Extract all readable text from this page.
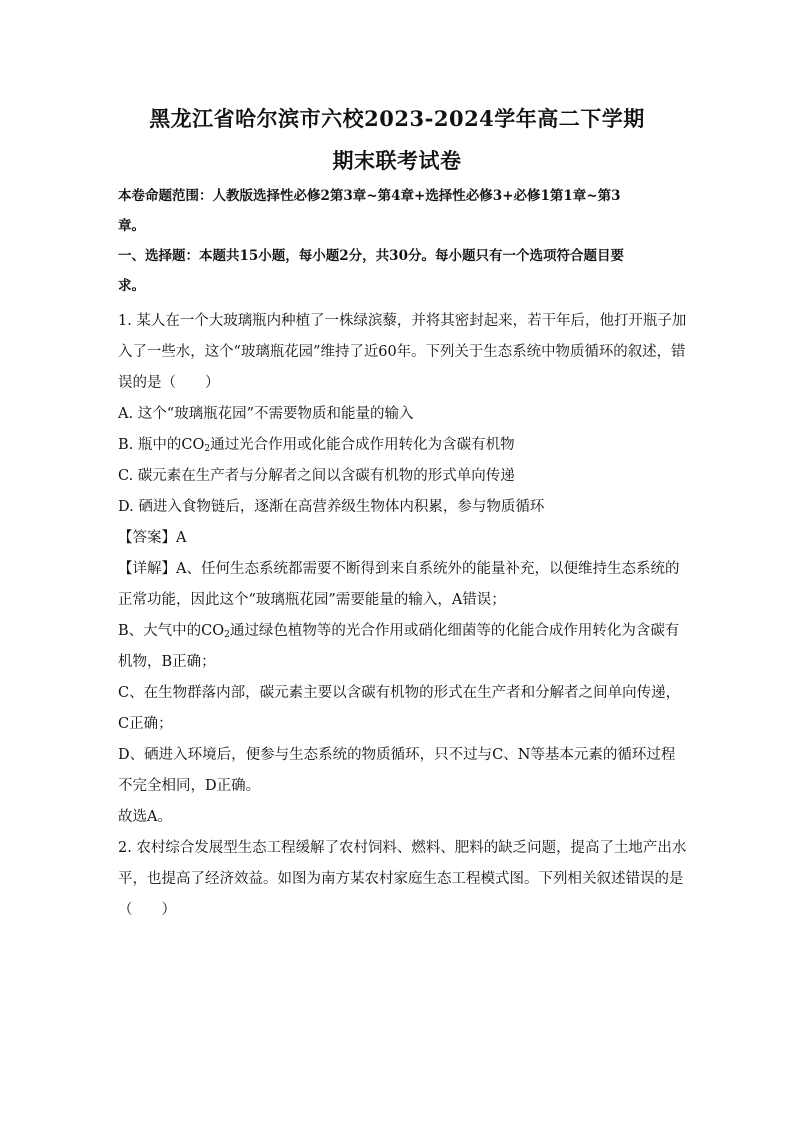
黑龙江省哈尔滨市六校2023-2024学年高二下学期
期末联考试卷
本卷命题范围：人教版选择性必修2第3章~第4章+选择性必修3+必修1第1章~第3
章。
一、选择题：本题共15小题，每小题2分，共30分。每小题只有一个选项符合题目要
求。
1. 某人在一个大玻璃瓶内种植了一株绿滨藜，并将其密封起来，若干年后，他打开瓶子加
入了一些水，这个“玻璃瓶花园”维持了近60年。下列关于生态系统中物质循环的叙述，错
误的是（　　）
A. 这个“玻璃瓶花园”不需要物质和能量的输入
B. 瓶中的$CO_2$通过光合作用或化能合成作用转化为含碳有机物
C. 碳元素在生产者与分解者之间以含碳有机物的形式单向传递
D. 硒进入食物链后，逐渐在高营养级生物体内积累，参与物质循环
【答案】A
【详解】A、任何生态系统都需要不断得到来自系统外的能量补充，以便维持生态系统的
正常功能，因此这个“玻璃瓶花园”需要能量的输入，A错误；
B、大气中的$CO_2$通过绿色植物等的光合作用或硝化细菌等的化能合成作用转化为含碳有
机物，B正确；
C、在生物群落内部，碳元素主要以含碳有机物的形式在生产者和分解者之间单向传递，
C正确；
D、硒进入环境后，便参与生态系统的物质循环，只不过与C、N等基本元素的循环过程
不完全相同，D正确。
故选A。
2. 农村综合发展型生态工程缓解了农村饲料、燃料、肥料的缺乏问题，提高了土地产出水
平，也提高了经济效益。如图为南方某农村家庭生态工程模式图。下列相关叙述错误的是
（　　）
